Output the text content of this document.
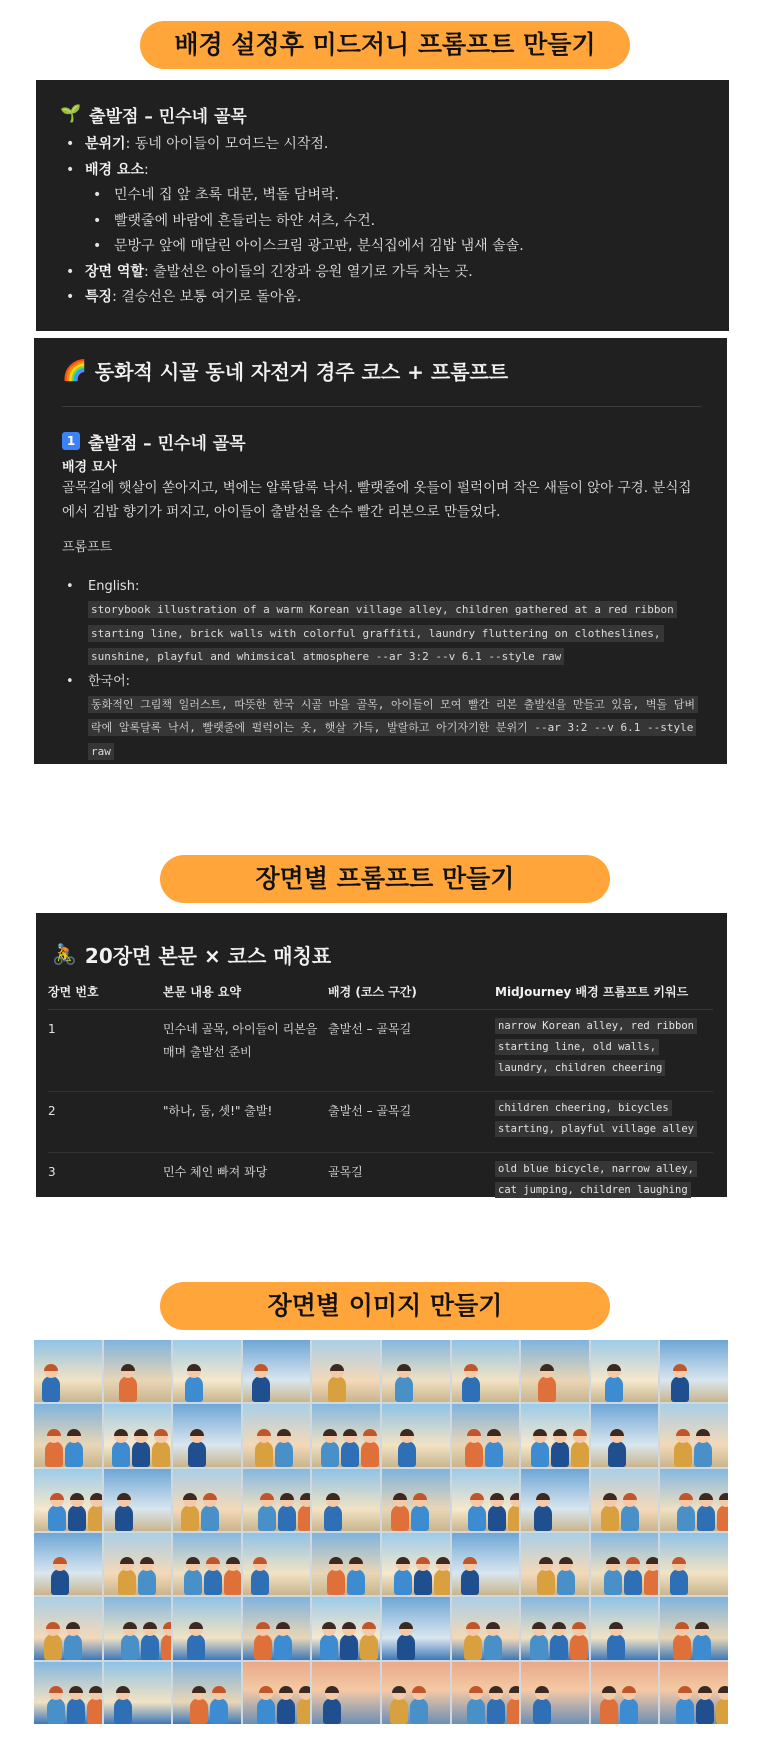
배경 설정후 미드저니 프롬프트 만들기
🌱 출발점 – 민수네 골목
• 분위기: 동네 아이들이 모여드는 시작점.
• 배경 요소:
• 민수네 집 앞 초록 대문, 벽돌 담벼락.
• 빨랫줄에 바람에 흔들리는 하얀 셔츠, 수건.
• 문방구 앞에 매달린 아이스크림 광고판, 분식집에서 김밥 냄새 솔솔.
• 장면 역할: 출발선은 아이들의 긴장과 응원 열기로 가득 차는 곳.
• 특징: 결승선은 보통 여기로 돌아옴.
🌈 동화적 시골 동네 자전거 경주 코스 + 프롬프트
1 출발점 – 민수네 골목
배경 묘사
골목길에 햇살이 쏟아지고, 벽에는 알록달록 낙서. 빨랫줄에 옷들이 펄럭이며 작은 새들이 앉아 구경. 분식집에서 김밥 향기가 퍼지고, 아이들이 출발선을 손수 빨간 리본으로 만들었다.
프롬프트
• English:
storybook illustration of a warm Korean village alley, children gathered at a red ribbon starting line, brick walls with colorful graffiti, laundry fluttering on clotheslines, sunshine, playful and whimsical atmosphere --ar 3:2 --v 6.1 --style raw
• 한국어:
동화적인 그림책 일러스트, 따뜻한 한국 시골 마을 골목, 아이들이 모여 빨간 리본 출발선을 만들고 있음, 벽돌 담벼락에 알록달록 낙서, 빨랫줄에 펄럭이는 옷, 햇살 가득, 발랄하고 아기자기한 분위기 --ar 3:2 --v 6.1 --style raw
장면별 프롬프트 만들기
🚴 20장면 본문 × 코스 매칭표
장면 번호	본문 내용 요약	배경 (코스 구간)	MidJourney 배경 프롬프트 키워드
1	민수네 골목, 아이들이 리본을 매며 출발선 준비	출발선 – 골목길	narrow Korean alley, red ribbon starting line, old walls, laundry, children cheering
2	"하나, 둘, 셋!" 출발!	출발선 – 골목길	children cheering, bicycles starting, playful village alley
3	민수 체인 빠져 꽈당	골목길	old blue bicycle, narrow alley, cat jumping, children laughing
장면별 이미지 만들기
